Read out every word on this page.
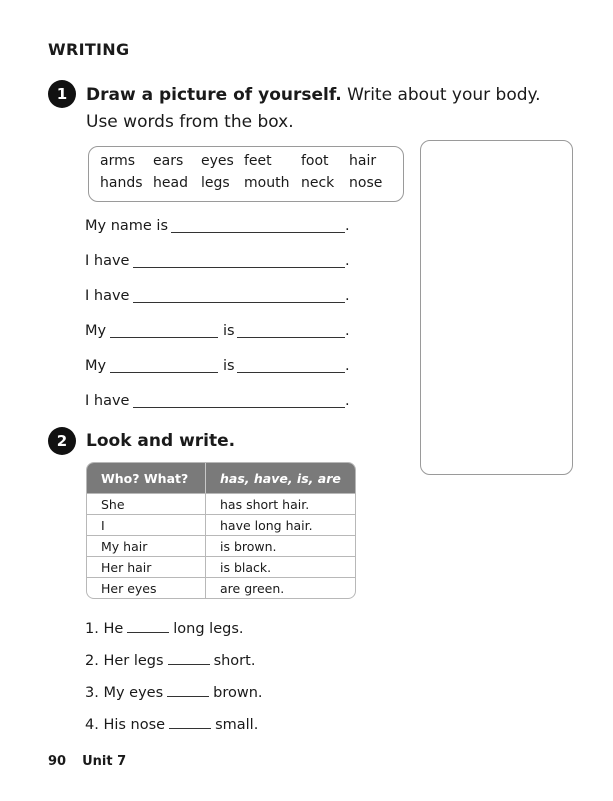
WRITING
1	Draw a picture of yourself. Write about your body.
Use words from the box.
arms ears eyes feet foot hair
hands head legs mouth neck nose
My name is	.
I have	.
I have	.
My	is	.
My	is	.
I have	.
2	Look and write.
Who? What?	has, have, is, are
She	has short hair.
I	have long hair.
My hair	is brown.
Her hair	is black.
Her eyes	are green.
1. He	long legs.
2. Her legs	short.
3. My eyes	brown.
4. His nose	small.
90 Unit 7
